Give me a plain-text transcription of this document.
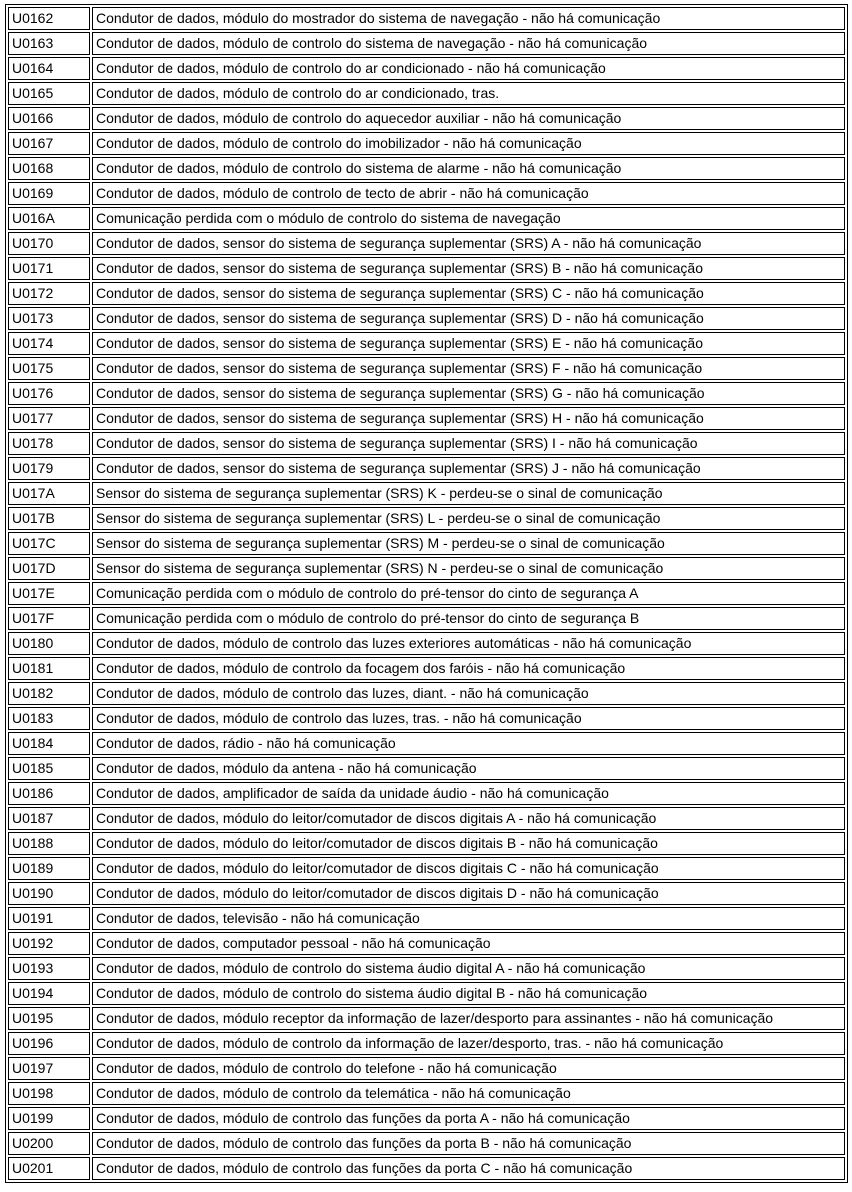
U0162	Condutor de dados, módulo do mostrador do sistema de navegação - não há comunicação
U0163	Condutor de dados, módulo de controlo do sistema de navegação - não há comunicação
U0164	Condutor de dados, módulo de controlo do ar condicionado - não há comunicação
U0165	Condutor de dados, módulo de controlo do ar condicionado, tras.
U0166	Condutor de dados, módulo de controlo do aquecedor auxiliar - não há comunicação
U0167	Condutor de dados, módulo de controlo do imobilizador - não há comunicação
U0168	Condutor de dados, módulo de controlo do sistema de alarme - não há comunicação
U0169	Condutor de dados, módulo de controlo de tecto de abrir - não há comunicação
U016A	Comunicação perdida com o módulo de controlo do sistema de navegação
U0170	Condutor de dados, sensor do sistema de segurança suplementar (SRS) A - não há comunicação
U0171	Condutor de dados, sensor do sistema de segurança suplementar (SRS) B - não há comunicação
U0172	Condutor de dados, sensor do sistema de segurança suplementar (SRS) C - não há comunicação
U0173	Condutor de dados, sensor do sistema de segurança suplementar (SRS) D - não há comunicação
U0174	Condutor de dados, sensor do sistema de segurança suplementar (SRS) E - não há comunicação
U0175	Condutor de dados, sensor do sistema de segurança suplementar (SRS) F - não há comunicação
U0176	Condutor de dados, sensor do sistema de segurança suplementar (SRS) G - não há comunicação
U0177	Condutor de dados, sensor do sistema de segurança suplementar (SRS) H - não há comunicação
U0178	Condutor de dados, sensor do sistema de segurança suplementar (SRS) I - não há comunicação
U0179	Condutor de dados, sensor do sistema de segurança suplementar (SRS) J - não há comunicação
U017A	Sensor do sistema de segurança suplementar (SRS) K - perdeu-se o sinal de comunicação
U017B	Sensor do sistema de segurança suplementar (SRS) L - perdeu-se o sinal de comunicação
U017C	Sensor do sistema de segurança suplementar (SRS) M - perdeu-se o sinal de comunicação
U017D	Sensor do sistema de segurança suplementar (SRS) N - perdeu-se o sinal de comunicação
U017E	Comunicação perdida com o módulo de controlo do pré-tensor do cinto de segurança A
U017F	Comunicação perdida com o módulo de controlo do pré-tensor do cinto de segurança B
U0180	Condutor de dados, módulo de controlo das luzes exteriores automáticas - não há comunicação
U0181	Condutor de dados, módulo de controlo da focagem dos faróis - não há comunicação
U0182	Condutor de dados, módulo de controlo das luzes, diant. - não há comunicação
U0183	Condutor de dados, módulo de controlo das luzes, tras. - não há comunicação
U0184	Condutor de dados, rádio - não há comunicação
U0185	Condutor de dados, módulo da antena - não há comunicação
U0186	Condutor de dados, amplificador de saída da unidade áudio - não há comunicação
U0187	Condutor de dados, módulo do leitor/comutador de discos digitais A - não há comunicação
U0188	Condutor de dados, módulo do leitor/comutador de discos digitais B - não há comunicação
U0189	Condutor de dados, módulo do leitor/comutador de discos digitais C - não há comunicação
U0190	Condutor de dados, módulo do leitor/comutador de discos digitais D - não há comunicação
U0191	Condutor de dados, televisão - não há comunicação
U0192	Condutor de dados, computador pessoal - não há comunicação
U0193	Condutor de dados, módulo de controlo do sistema áudio digital A - não há comunicação
U0194	Condutor de dados, módulo de controlo do sistema áudio digital B - não há comunicação
U0195	Condutor de dados, módulo receptor da informação de lazer/desporto para assinantes - não há comunicação
U0196	Condutor de dados, módulo de controlo da informação de lazer/desporto, tras. - não há comunicação
U0197	Condutor de dados, módulo de controlo do telefone - não há comunicação
U0198	Condutor de dados, módulo de controlo da telemática - não há comunicação
U0199	Condutor de dados, módulo de controlo das funções da porta A - não há comunicação
U0200	Condutor de dados, módulo de controlo das funções da porta B - não há comunicação
U0201	Condutor de dados, módulo de controlo das funções da porta C - não há comunicação
